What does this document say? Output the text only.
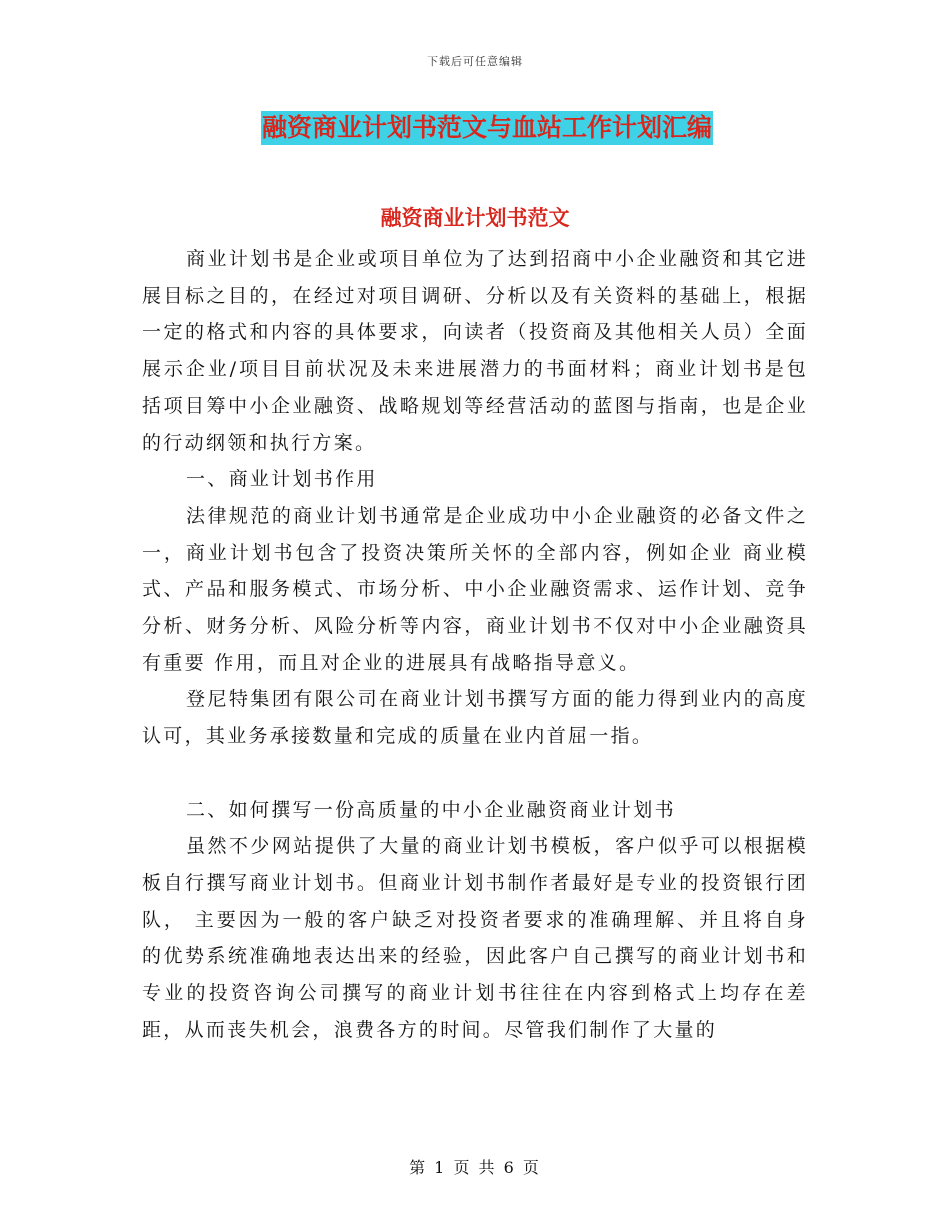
下载后可任意编辑
融资商业计划书范文与血站工作计划汇编
融资商业计划书范文

商业计划书是企业或项目单位为了达到招商中小企业融资和其它进展目标之目的，在经过对项目调研、分析以及有关资料的基础上，根据一定的格式和内容的具体要求，向读者（投资商及其他相关人员）全面展示企业/项目目前状况及未来进展潜力的书面材料；商业计划书是包括项目筹中小企业融资、战略规划等经营活动的蓝图与指南，也是企业的行动纲领和执行方案。

一、商业计划书作用

法律规范的商业计划书通常是企业成功中小企业融资的必备文件之一，商业计划书包含了投资决策所关怀的全部内容，例如企业 商业模式、产品和服务模式、市场分析、中小企业融资需求、运作计划、竞争分析、财务分析、风险分析等内容，商业计划书不仅对中小企业融资具有重要 作用，而且对企业的进展具有战略指导意义。

登尼特集团有限公司在商业计划书撰写方面的能力得到业内的高度认可，其业务承接数量和完成的质量在业内首屈一指。

二、如何撰写一份高质量的中小企业融资商业计划书

虽然不少网站提供了大量的商业计划书模板，客户似乎可以根据模板自行撰写商业计划书。但商业计划书制作者最好是专业的投资银行团队， 主要因为一般的客户缺乏对投资者要求的准确理解、并且将自身的优势系统准确地表达出来的经验，因此客户自己撰写的商业计划书和专业的投资咨询公司撰写的商业计划书往往在内容到格式上均存在差距，从而丧失机会，浪费各方的时间。尽管我们制作了大量的

第 1 页 共 6 页
